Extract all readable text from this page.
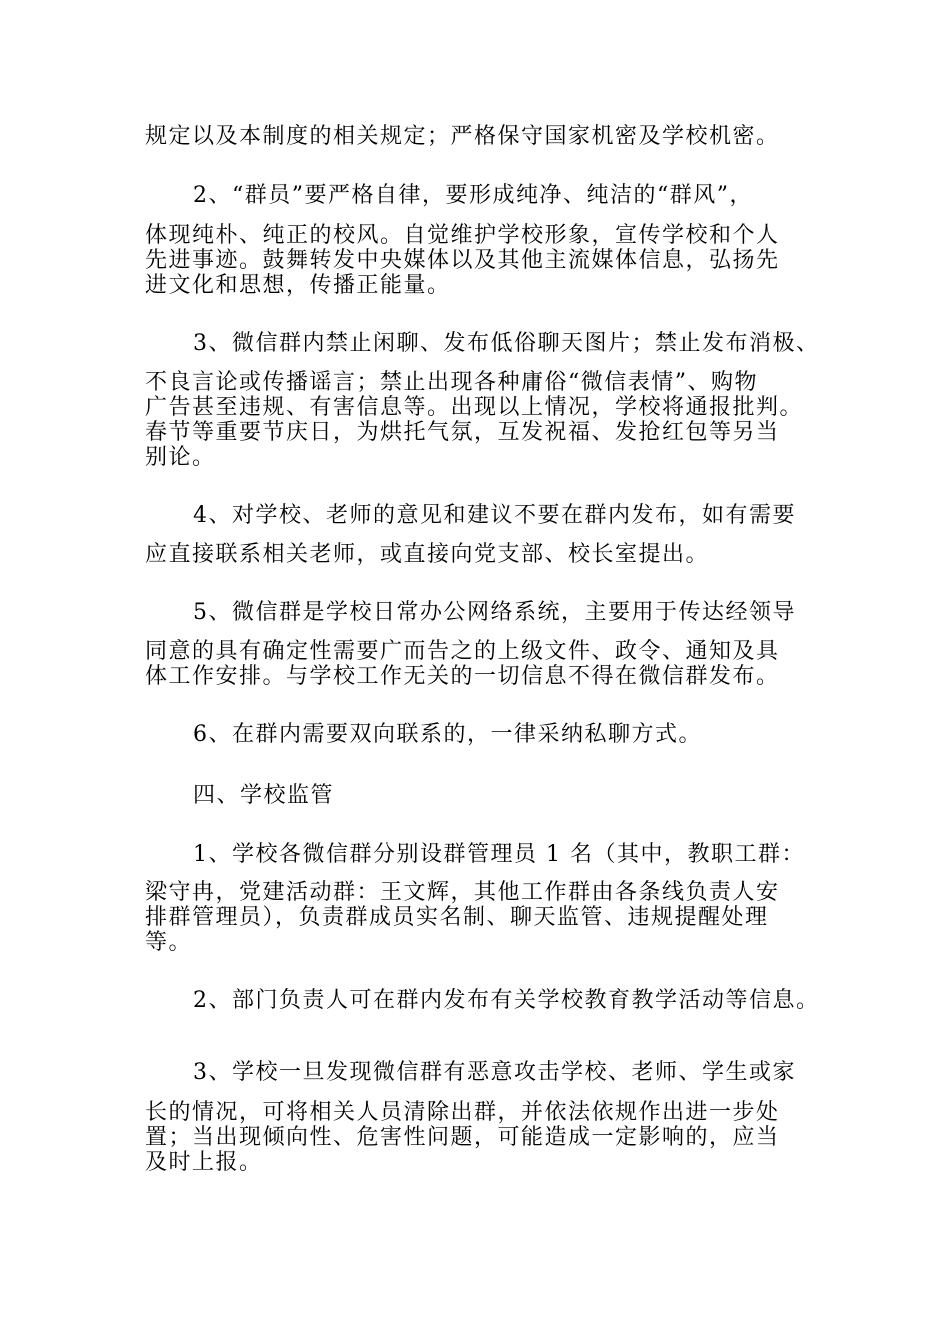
规定以及本制度的相关规定；严格保守国家机密及学校机密。
2、“群员”要严格自律，要形成纯净、纯洁的“群风”，
体现纯朴、纯正的校风。自觉维护学校形象，宣传学校和个人
先进事迹。鼓舞转发中央媒体以及其他主流媒体信息，弘扬先
进文化和思想，传播正能量。
3、微信群内禁止闲聊、发布低俗聊天图片；禁止发布消极、
不良言论或传播谣言；禁止出现各种庸俗“微信表情”、购物
广告甚至违规、有害信息等。出现以上情况，学校将通报批判。
春节等重要节庆日，为烘托气氛，互发祝福、发抢红包等另当
别论。
4、对学校、老师的意见和建议不要在群内发布，如有需要
应直接联系相关老师，或直接向党支部、校长室提出。
5、微信群是学校日常办公网络系统，主要用于传达经领导
同意的具有确定性需要广而告之的上级文件、政令、通知及具
体工作安排。与学校工作无关的一切信息不得在微信群发布。
6、在群内需要双向联系的，一律采纳私聊方式。
四、学校监管
1、学校各微信群分别设群管理员 1 名（其中，教职工群：
梁守冉，党建活动群：王文辉，其他工作群由各条线负责人安
排群管理员），负责群成员实名制、聊天监管、违规提醒处理
等。
2、部门负责人可在群内发布有关学校教育教学活动等信息。
3、学校一旦发现微信群有恶意攻击学校、老师、学生或家
长的情况，可将相关人员清除出群，并依法依规作出进一步处
置；当出现倾向性、危害性问题，可能造成一定影响的，应当
及时上报。
